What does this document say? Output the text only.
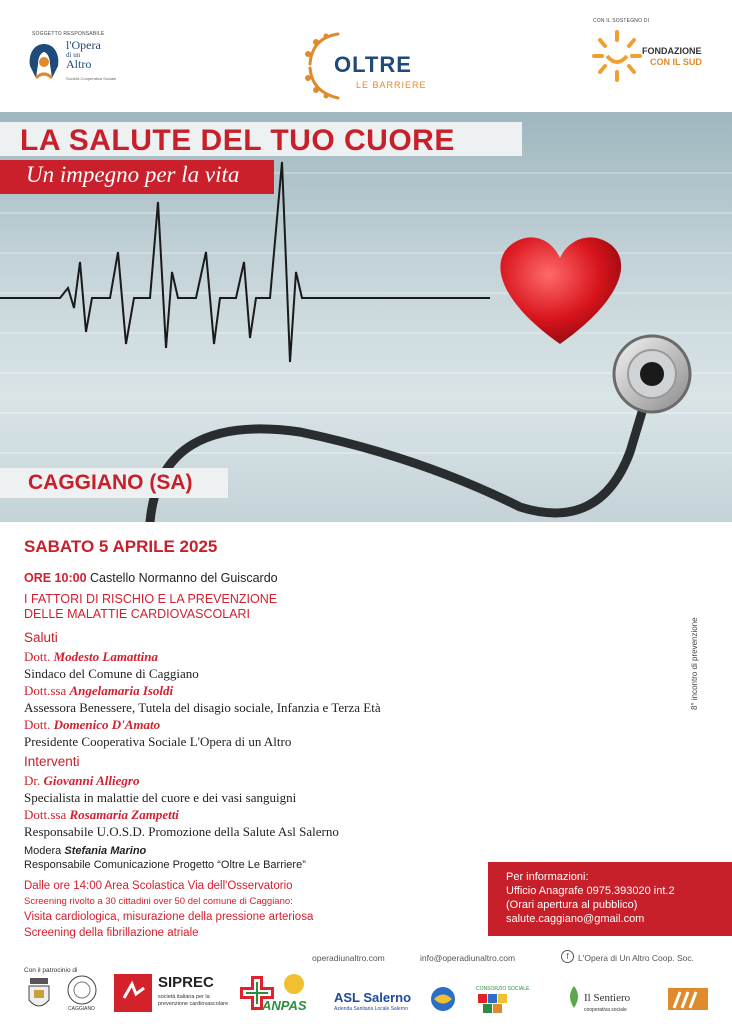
SOGGETTO RESPONSABILE
l'Opera
di un
Altro
Società Cooperativa Sociale
OLTRE
LE BARRIERE
CON IL SOSTEGNO DI
FONDAZIONE
CON IL SUD
LA SALUTE DEL TUO CUORE
Un impegno per la vita
CAGGIANO (SA)
SABATO 5 APRILE 2025
ORE 10:00 Castello Normanno del Guiscardo
I FATTORI DI RISCHIO E LA PREVENZIONE
DELLE MALATTIE CARDIOVASCOLARI
Saluti
Dott. Modesto Lamattina
Sindaco del Comune di Caggiano
Dott.ssa Angelamaria Isoldi
Assessora Benessere, Tutela del disagio sociale, Infanzia e Terza Età
Dott. Domenico D'Amato
Presidente Cooperativa Sociale L'Opera di un Altro
Interventi
Dr. Giovanni Alliegro
Specialista in malattie del cuore e dei vasi sanguigni
Dott.ssa Rosamaria Zampetti
Responsabile U.O.S.D. Promozione della Salute Asl Salerno
Modera Stefania Marino
Responsabile Comunicazione Progetto “Oltre Le Barriere”
Dalle ore 14:00 Area Scolastica Via dell'Osservatorio
Screening rivolto a 30 cittadini over 50 del comune di Caggiano:
Visita cardiologica, misurazione della pressione arteriosa
Screening della fibrillazione atriale
8° incontro di prevenzione
Per informazioni:
Ufficio Anagrafe 0975.393020 int.2
(Orari apertura al pubblico)
salute.caggiano@gmail.com
operadiunaltro.com	info@operadiunaltro.com	f	L'Opera di Un Altro Coop. Soc.
Con il patrocinio di
CAGGIANO
SIPREC
società italiana per la
prevenzione cardiovascolare	ANPAS
ASL Salerno
Azienda Sanitaria Locale Salerno
CONSORZIO SOCIALE
Il Sentiero
cooperativa sociale
